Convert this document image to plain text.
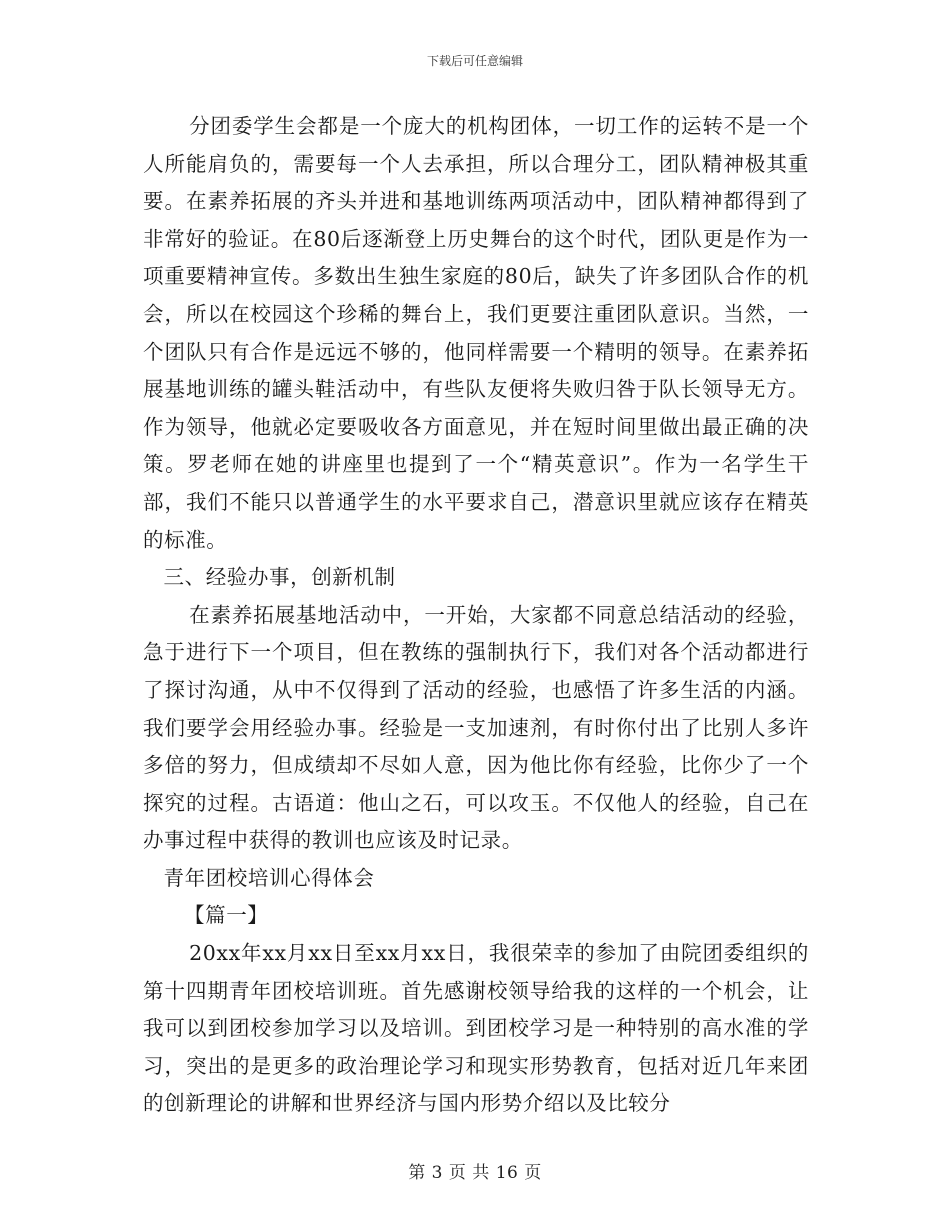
下载后可任意编辑

分团委学生会都是一个庞大的机构团体，一切工作的运转不是一个人所能肩负的，需要每一个人去承担，所以合理分工，团队精神极其重要。在素养拓展的齐头并进和基地训练两项活动中，团队精神都得到了非常好的验证。在80后逐渐登上历史舞台的这个时代，团队更是作为一项重要精神宣传。多数出生独生家庭的80后，缺失了许多团队合作的机会，所以在校园这个珍稀的舞台上，我们更要注重团队意识。当然，一个团队只有合作是远远不够的，他同样需要一个精明的领导。在素养拓展基地训练的罐头鞋活动中，有些队友便将失败归咎于队长领导无方。作为领导，他就必定要吸收各方面意见，并在短时间里做出最正确的决策。罗老师在她的讲座里也提到了一个“精英意识”。作为一名学生干部，我们不能只以普通学生的水平要求自己，潜意识里就应该存在精英的标准。

三、经验办事，创新机制

在素养拓展基地活动中，一开始，大家都不同意总结活动的经验，急于进行下一个项目，但在教练的强制执行下，我们对各个活动都进行了探讨沟通，从中不仅得到了活动的经验，也感悟了许多生活的内涵。我们要学会用经验办事。经验是一支加速剂，有时你付出了比别人多许多倍的努力，但成绩却不尽如人意，因为他比你有经验，比你少了一个探究的过程。古语道：他山之石，可以攻玉。不仅他人的经验，自己在办事过程中获得的教训也应该及时记录。

青年团校培训心得体会

【篇一】

20xx年xx月xx日至xx月xx日，我很荣幸的参加了由院团委组织的第十四期青年团校培训班。首先感谢校领导给我的这样的一个机会，让我可以到团校参加学习以及培训。到团校学习是一种特别的高水准的学习，突出的是更多的政治理论学习和现实形势教育，包括对近几年来团的创新理论的讲解和世界经济与国内形势介绍以及比较分

第 3 页 共 16 页
